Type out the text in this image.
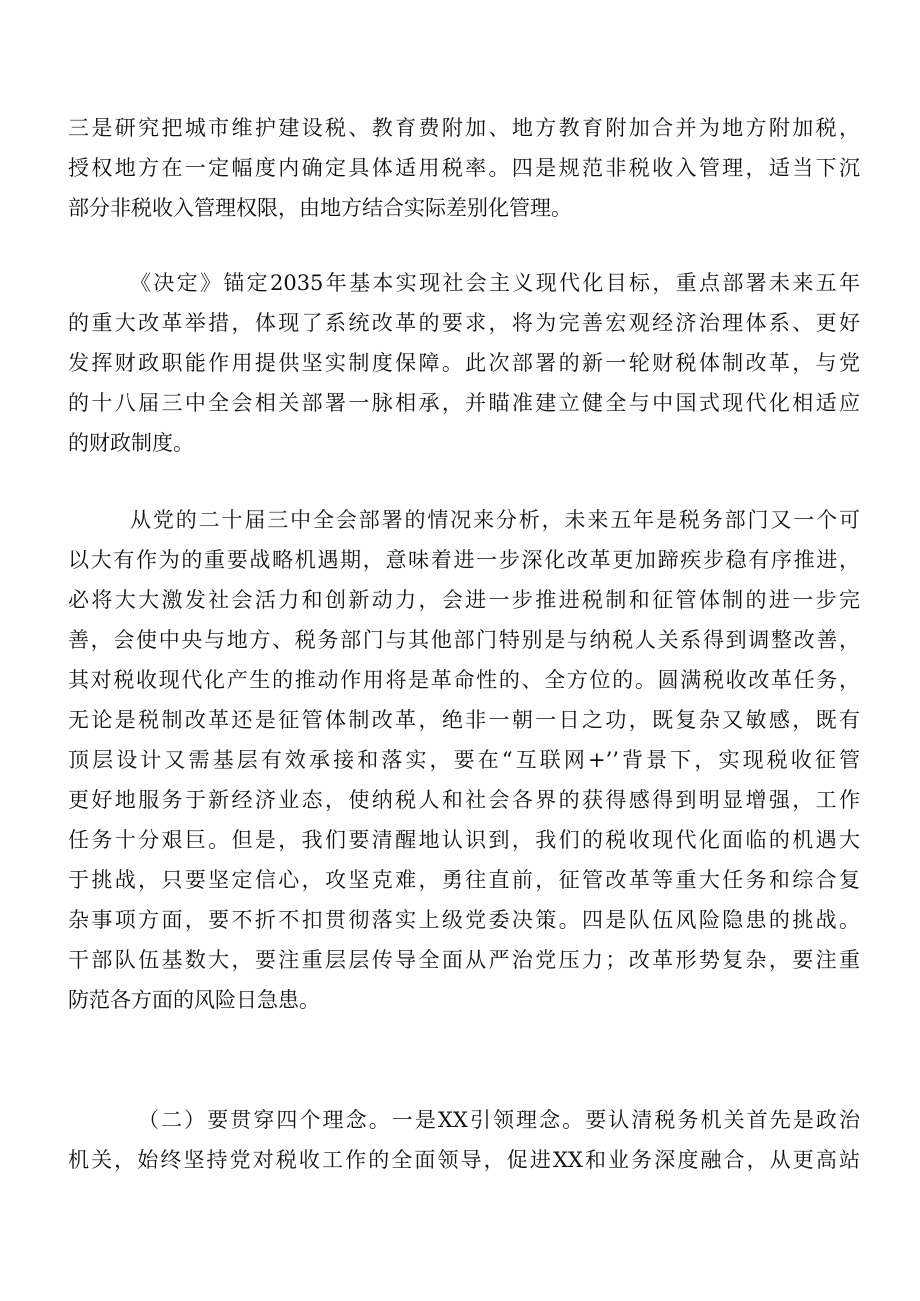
三是研究把城市维护建设税、教育费附加、地方教育附加合并为地方附加税，
授权地方在一定幅度内确定具体适用税率。四是规范非税收入管理，适当下沉
部分非税收入管理权限，由地方结合实际差别化管理。
《决定》锚定2035年基本实现社会主义现代化目标，重点部署未来五年
的重大改革举措，体现了系统改革的要求，将为完善宏观经济治理体系、更好
发挥财政职能作用提供坚实制度保障。此次部署的新一轮财税体制改革，与党
的十八届三中全会相关部署一脉相承，并瞄准建立健全与中国式现代化相适应
的财政制度。
从党的二十届三中全会部署的情况来分析，未来五年是税务部门又一个可
以大有作为的重要战略机遇期，意味着进一步深化改革更加蹄疾步稳有序推进，
必将大大激发社会活力和创新动力，会进一步推进税制和征管体制的进一步完
善，会使中央与地方、税务部门与其他部门特别是与纳税人关系得到调整改善，
其对税收现代化产生的推动作用将是革命性的、全方位的。圆满税收改革任务，
无论是税制改革还是征管体制改革，绝非一朝一日之功，既复杂又敏感，既有
顶层设计又需基层有效承接和落实，要在“互联网+’’背景下，实现税收征管
更好地服务于新经济业态，使纳税人和社会各界的获得感得到明显增强，工作
任务十分艰巨。但是，我们要清醒地认识到，我们的税收现代化面临的机遇大
于挑战，只要坚定信心，攻坚克难，勇往直前，征管改革等重大任务和综合复
杂事项方面，要不折不扣贯彻落实上级党委决策。四是队伍风险隐患的挑战。
干部队伍基数大，要注重层层传导全面从严治党压力；改革形势复杂，要注重
防范各方面的风险日急患。
（二）要贯穿四个理念。一是XX引领理念。要认清税务机关首先是政治
机关，始终坚持党对税收工作的全面领导，促进XX和业务深度融合，从更高站
